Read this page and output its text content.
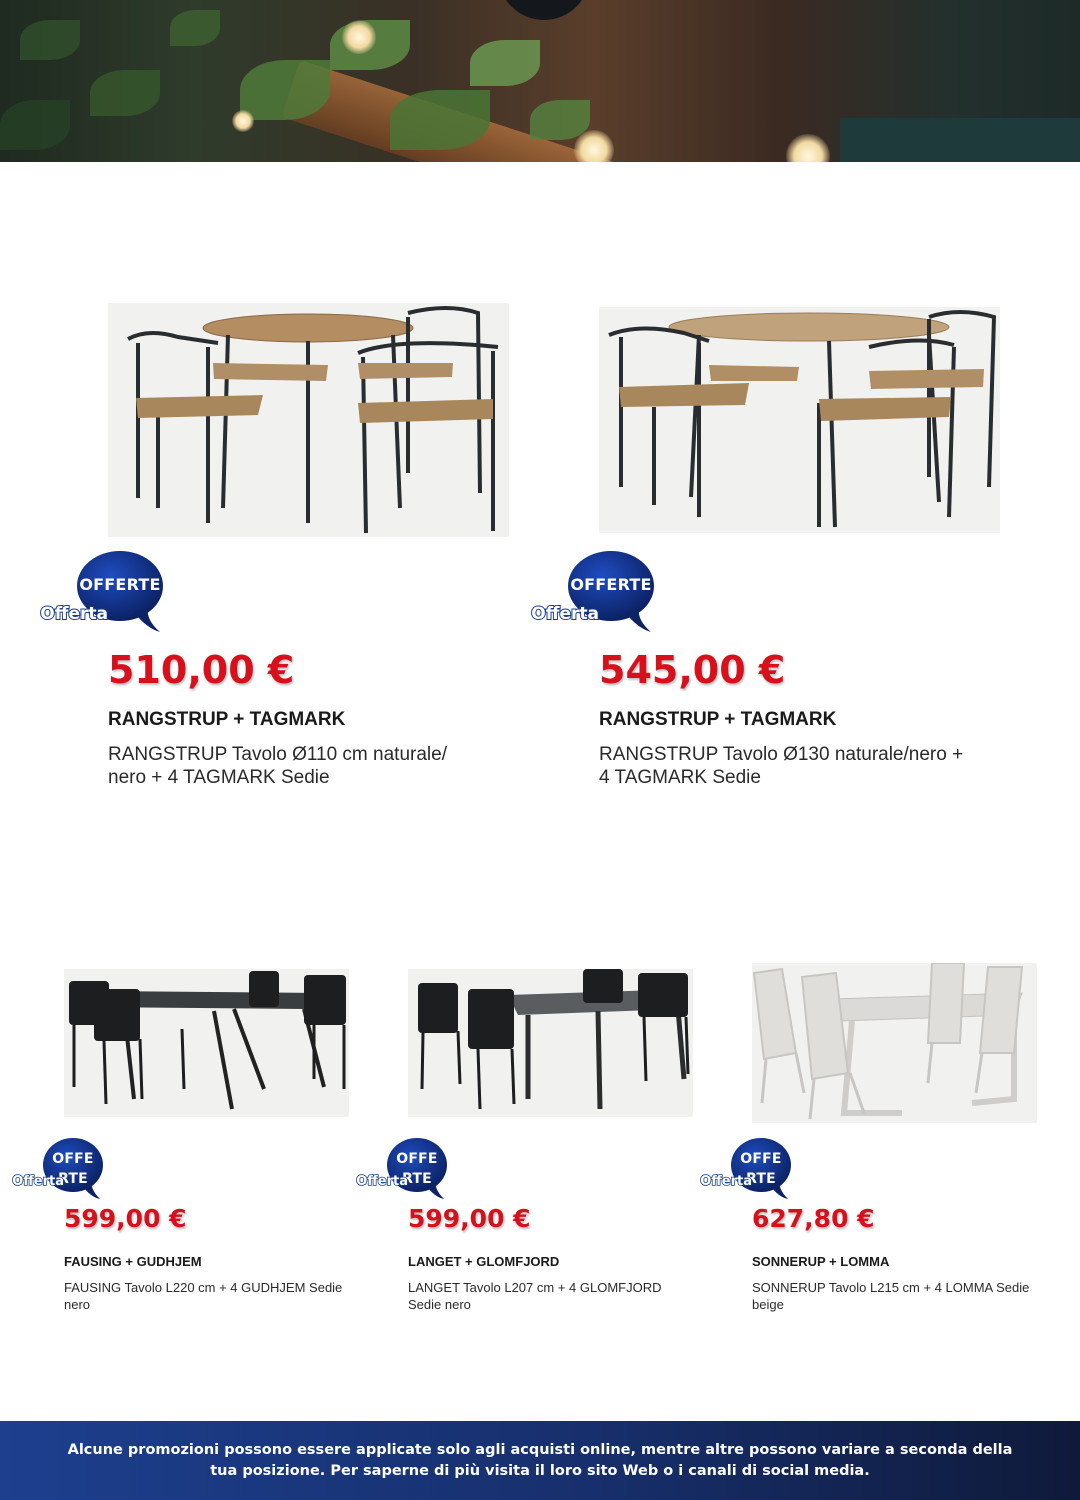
OFFERTE
Offerta
510,00 €
RANGSTRUP + TAGMARK
RANGSTRUP Tavolo Ø110 cm naturale/ nero + 4 TAGMARK Sedie
OFFERTE
Offerta
545,00 €
RANGSTRUP + TAGMARK
RANGSTRUP Tavolo Ø130 naturale/nero + 4 TAGMARK Sedie
OFFE
RTE
Offerta
599,00 €
FAUSING + GUDHJEM
FAUSING Tavolo L220 cm + 4 GUDHJEM Sedie nero
OFFE
RTE
Offerta
599,00 €
LANGET + GLOMFJORD
LANGET Tavolo L207 cm + 4 GLOMFJORD Sedie nero
OFFE
RTE
Offerta
627,80 €
SONNERUP + LOMMA
SONNERUP Tavolo L215 cm + 4 LOMMA Sedie beige

Alcune promozioni possono essere applicate solo agli acquisti online, mentre altre possono variare a seconda della tua posizione. Per saperne di più visita il loro sito Web o i canali di social media.
